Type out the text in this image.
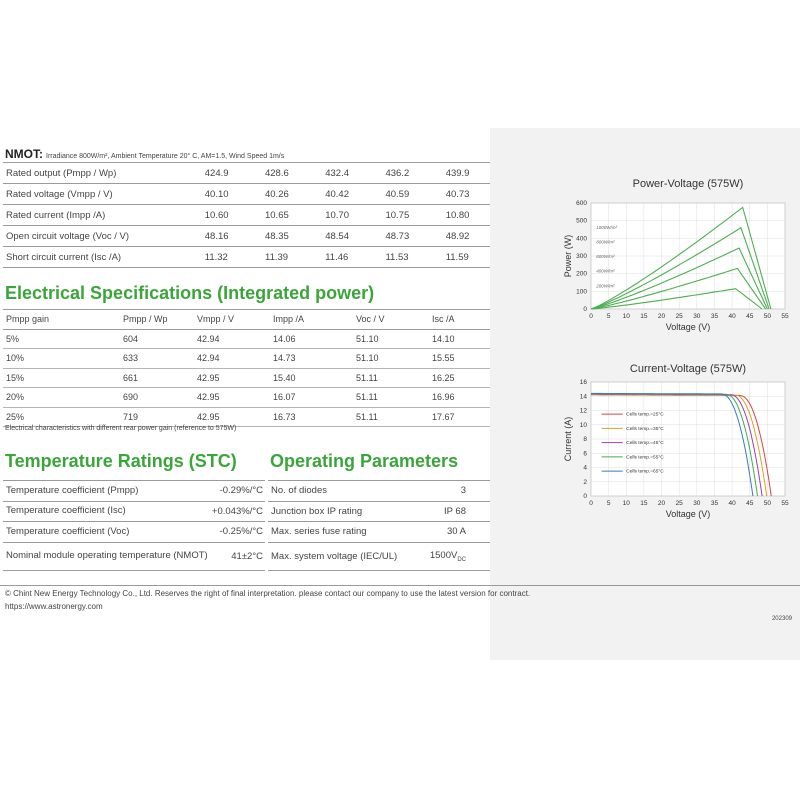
NMOT: Irradiance 800W/m², Ambient Temperature 20° C, AM=1.5, Wind Speed 1m/s
Rated output (Pmpp / Wp)	424.9	428.6	432.4	436.2	439.9
Rated voltage (Vmpp / V)	40.10	40.26	40.42	40.59	40.73
Rated current (Impp /A)	10.60	10.65	10.70	10.75	10.80
Open circuit voltage (Voc / V)	48.16	48.35	48.54	48.73	48.92
Short circuit current (Isc /A)	11.32	11.39	11.46	11.53	11.59
Electrical Specifications (Integrated power)
Pmpp gain	Pmpp / Wp	Vmpp / V	Impp /A	Voc / V	Isc /A
5%	604	42.94	14.06	51.10	14.10
10%	633	42.94	14.73	51.10	15.55
15%	661	42.95	15.40	51.11	16.25
20%	690	42.95	16.07	51.11	16.96
25%	719	42.95	16.73	51.11	17.67
Electrical characteristics with different rear power gain (reference to 575W)
Temperature Ratings (STC) Operating Parameters
Temperature coefficient (Pmpp)	-0.29%/°C
Temperature coefficient (Isc)	+0.043%/°C
Temperature coefficient (Voc)	-0.25%/°C
Nominal module operating temperature (NMOT)	41±2°C
No. of diodes	3
Junction box IP rating	IP 68
Max. series fuse rating	30 A
Max. system voltage (IEC/UL)	$1500V_{DC}$
© Chint New Energy Technology Co., Ltd. Reserves the right of final interpretation. please contact our company to use the latest version for contract.
https://www.astronergy.com
202309
Power-Voltage (575W)
0 5 10 15 20 25 30 35 40 45 50 55
0
100
200
300
400
500
600
Voltage (V)
Power (W)
1000W/m²
800W/m²
600W/m²
400W/m²
200W/m²
Current-Voltage (575W)
0 5 10 15 20 25 30 35 40 45 50 55
0
2
4
6
8
10
12
14
16
Voltage (V)
Current (A)
Cells temp.=25°C
Cells temp.=35°C
Cells temp.=45°C
Cells temp.=55°C
Cells temp.=65°C
